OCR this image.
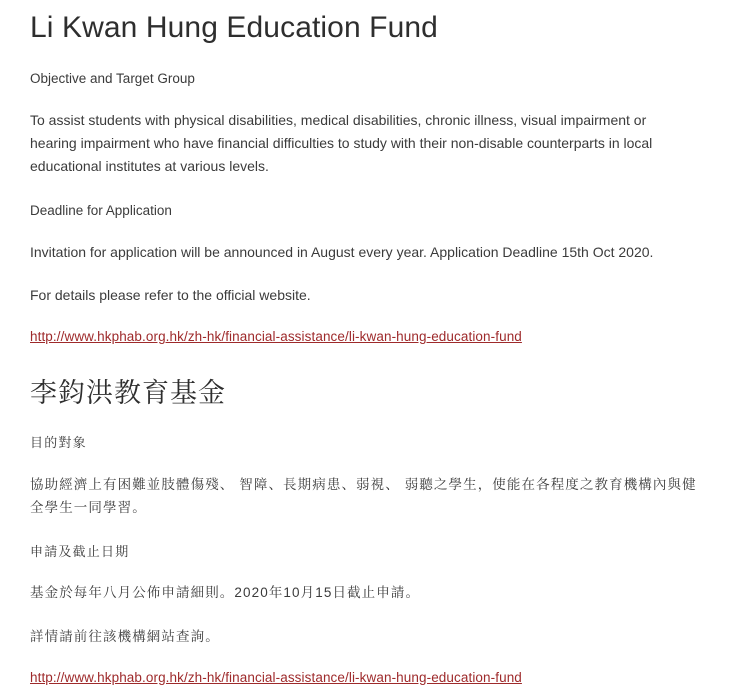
Li Kwan Hung Education Fund

Objective and Target Group

To assist students with physical disabilities, medical disabilities, chronic illness, visual impairment or hearing impairment who have financial difficulties to study with their non-disable counterparts in local educational institutes at various levels.

Deadline for Application

Invitation for application will be announced in August every year. Application Deadline 15th Oct 2020.

For details please refer to the official website.

http://www.hkphab.org.hk/zh-hk/financial-assistance/li-kwan-hung-education-fund
李鈞洪教育基金

目的對象

協助經濟上有困難並肢體傷殘、 智障、長期病患、弱視、 弱聽之學生，使能在各程度之教育機構內與健全學生一同學習。

申請及截止日期

基金於每年八月公佈申請細則。2020年10月15日截止申請。

詳情請前往該機構網站查詢。

http://www.hkphab.org.hk/zh-hk/financial-assistance/li-kwan-hung-education-fund
